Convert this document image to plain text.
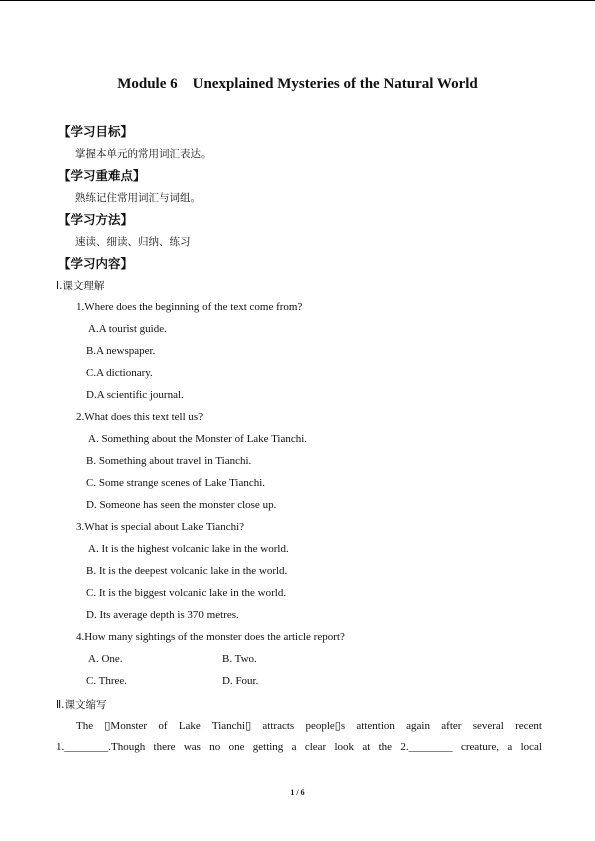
Module 6    Unexplained Mysteries of the Natural World
【学习目标】
掌握本单元的常用词汇表达。
【学习重难点】
熟练记住常用词汇与词组。
【学习方法】
速读、细读、归纳、练习
【学习内容】
Ⅰ.课文理解
1.Where does the beginning of the text come from?
A.A tourist guide.
B.A newspaper.
C.A dictionary.
D.A scientific journal.
2.What does this text tell us?
A. Something about the Monster of Lake Tianchi.
B. Something about travel in Tianchi.
C. Some strange scenes of Lake Tianchi.
D. Someone has seen the monster close up.
3.What is special about Lake Tianchi?
A. It is the highest volcanic lake in the world.
B. It is the deepest volcanic lake in the world.
C. It is the biggest volcanic lake in the world.
D. Its average depth is 370 metres.
4.How many sightings of the monster does the article report?
A. One.	B. Two.
C. Three.	D. Four.
Ⅱ.课文缩写
The  ▯Monster  of  Lake  Tianchi▯  attracts  people▯s  attention  again  after  several  recent
1.________.Though  there  was  no  one  getting  a  clear  look  at  the  2.________  creature,  a  local
1 / 6
